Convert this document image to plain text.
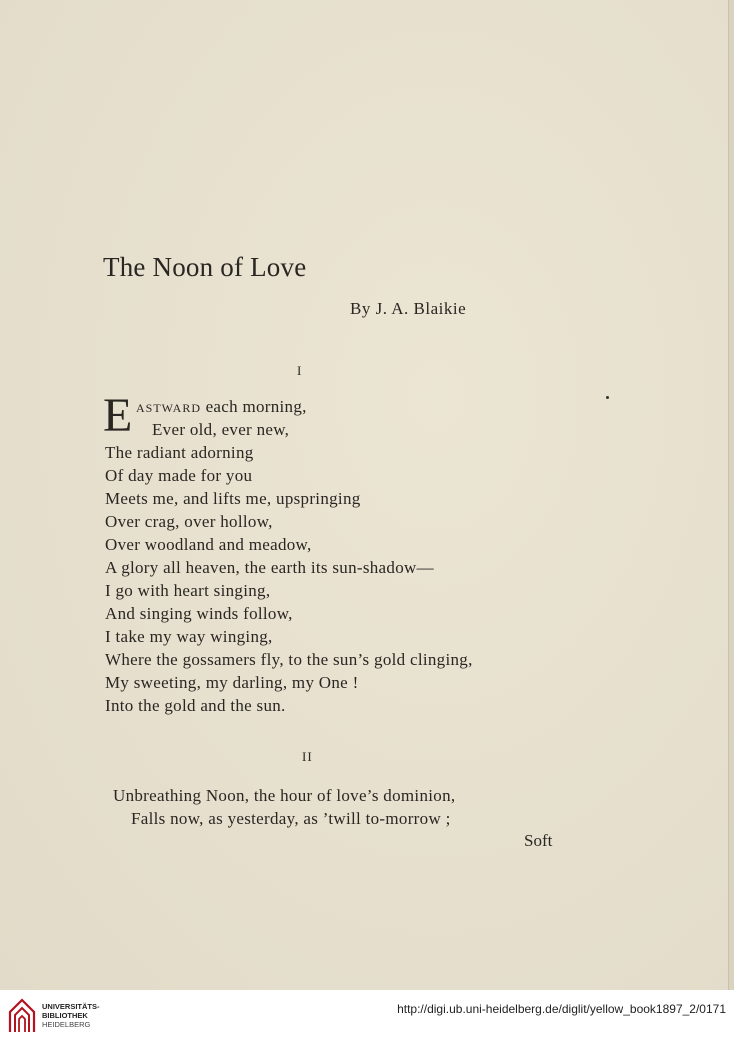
The Noon of Love
By J. A. Blaikie
I
E astward each morning,
Ever old, ever new,
The radiant adorning
Of day made for you
Meets me, and lifts me, upspringing
Over crag, over hollow,
Over woodland and meadow,
A glory all heaven, the earth its sun-shadow—
I go with heart singing,
And singing winds follow,
I take my way winging,
Where the gossamers fly, to the sun’s gold clinging,
My sweeting, my darling, my One !
Into the gold and the sun.
II
Unbreathing Noon, the hour of love’s dominion,
Falls now, as yesterday, as ’twill to-morrow ;
Soft
UNIVERSITÄTS-
BIBLIOTHEK
HEIDELBERG
http://digi.ub.uni-heidelberg.de/diglit/yellow_book1897_2/0171
